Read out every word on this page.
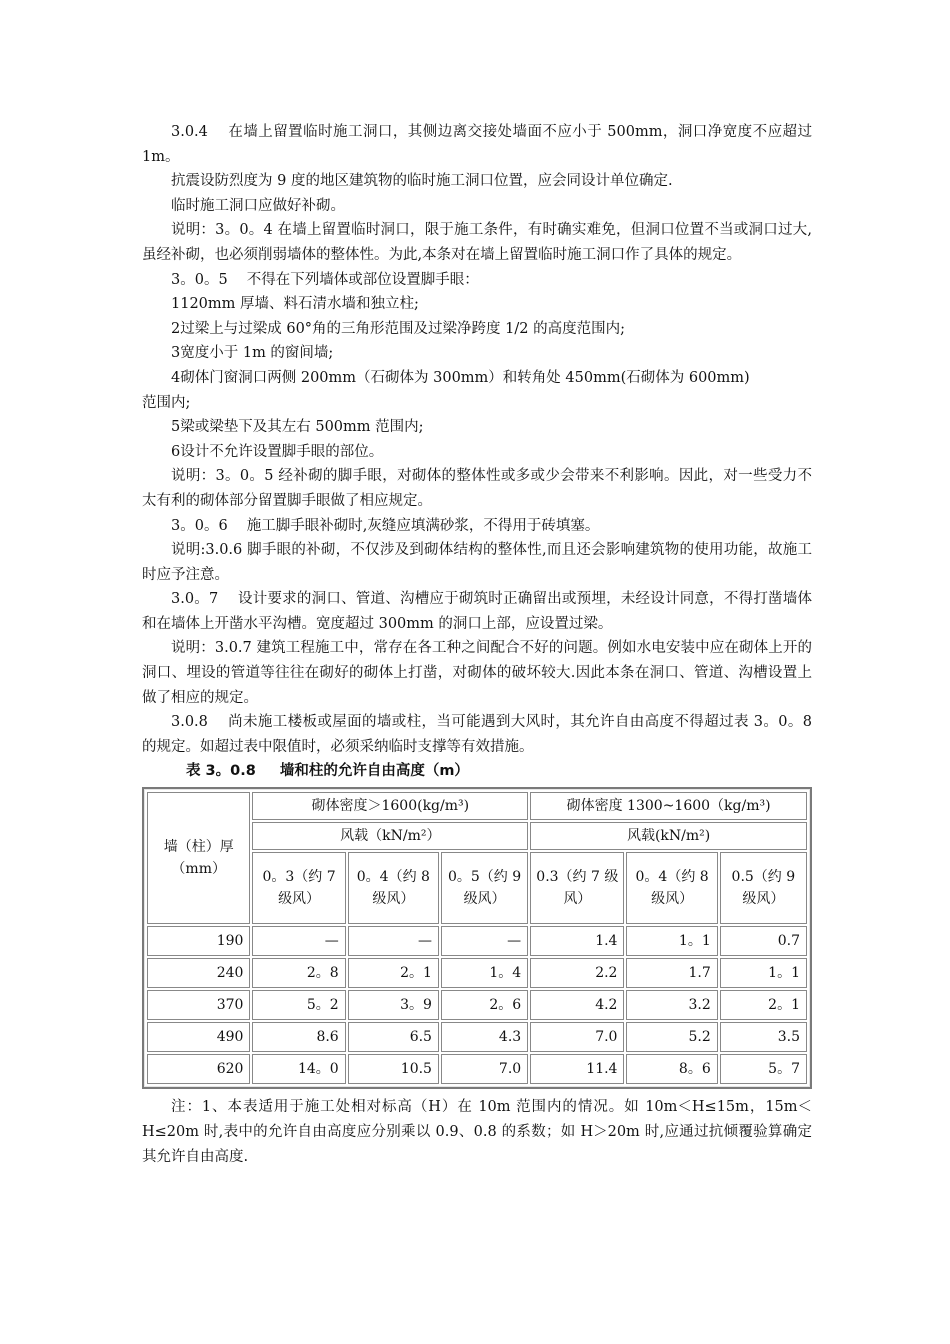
3.0.4　 在墙上留置临时施工洞口，其侧边离交接处墙面不应小于 500mm，洞口净宽度不应超过 1m。

抗震设防烈度为 9 度的地区建筑物的临时施工洞口位置，应会同设计单位确定.

临时施工洞口应做好补砌。

说明：3。0。4 在墙上留置临时洞口，限于施工条件，有时确实难免，但洞口位置不当或洞口过大,虽经补砌，也必须削弱墙体的整体性。为此,本条对在墙上留置临时施工洞口作了具体的规定。

3。0。5　 不得在下列墙体或部位设置脚手眼：

1120mm 厚墙、料石清水墙和独立柱;

2过梁上与过梁成 60°角的三角形范围及过梁净跨度 1/2 的高度范围内;

3宽度小于 1m 的窗间墙;

4砌体门窗洞口两侧 200mm（石砌体为 300mm）和转角处 450mm(石砌体为 600mm)

范围内;

5梁或梁垫下及其左右 500mm 范围内;

6设计不允许设置脚手眼的部位。

说明：3。0。5 经补砌的脚手眼，对砌体的整体性或多或少会带来不利影响。因此，对一些受力不太有利的砌体部分留置脚手眼做了相应规定。

3。0。6　 施工脚手眼补砌时,灰缝应填满砂浆，不得用于砖填塞。

说明:3.0.6 脚手眼的补砌，不仅涉及到砌体结构的整体性,而且还会影响建筑物的使用功能，故施工时应予注意。

3.0。7　 设计要求的洞口、管道、沟槽应于砌筑时正确留出或预埋，未经设计同意，不得打凿墙体和在墙体上开凿水平沟槽。宽度超过 300mm 的洞口上部，应设置过梁。

说明：3.0.7 建筑工程施工中，常存在各工种之间配合不好的问题。例如水电安装中应在砌体上开的洞口、埋设的管道等往往在砌好的砌体上打凿，对砌体的破坏较大.因此本条在洞口、管道、沟槽设置上做了相应的规定。

3.0.8　 尚未施工楼板或屋面的墙或柱，当可能遇到大风时，其允许自由高度不得超过表 3。0。8 的规定。如超过表中限值时，必须采纳临时支撑等有效措施。

表 3。0.8 墙和柱的允许自由高度（m）

墙（柱）厚（mm）	砌体密度＞1600(kg/m³)			砌体密度 1300~1600（kg/m³)		
	风载（kN/m²）			风载(kN/m²)		
	0。3（约 7 级风）	0。4（约 8 级风）	0。5（约 9 级风）	0.3（约 7 级风）	0。4（约 8 级风）	0.5（约 9 级风）
190	—	—	—	1.4	1。1	0.7
240	2。8	2。1	1。4	2.2	1.7	1。1
370	5。2	3。9	2。6	4.2	3.2	2。1
490	8.6	6.5	4.3	7.0	5.2	3.5
620	14。0	10.5	7.0	11.4	8。6	5。7

注：1、本表适用于施工处相对标高（H）在 10m 范围内的情况。如 10m＜H≤15m，15m＜H≤20m 时,表中的允许自由高度应分别乘以 0.9、0.8 的系数；如 H＞20m 时,应通过抗倾覆验算确定其允许自由高度.
